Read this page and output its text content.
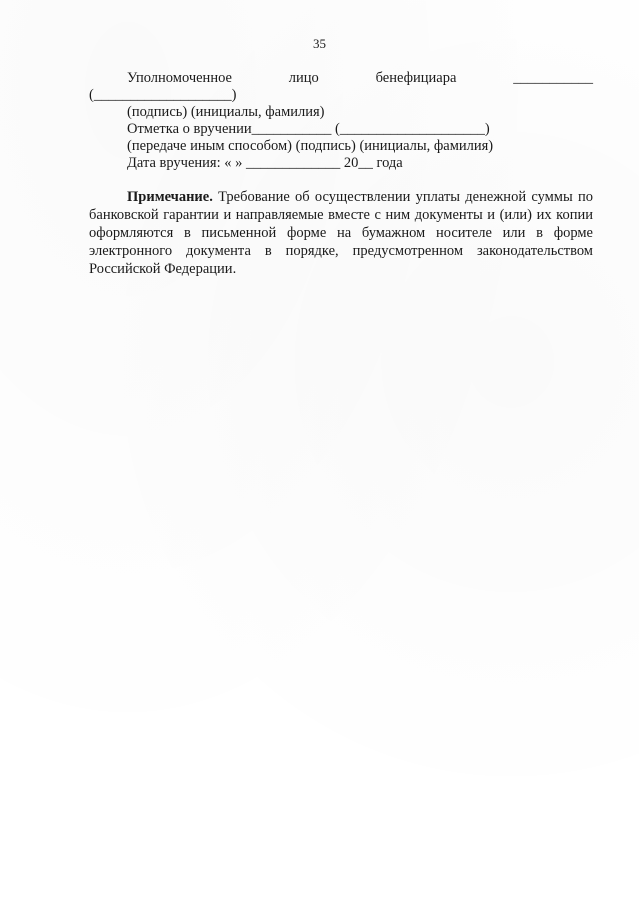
35
Уполномоченное	лицо	бенефициара	___________
(___________________)
(подпись) (инициалы, фамилия)
Отметка о вручении___________ (____________________)
(передаче иным способом) (подпись) (инициалы, фамилия)
Дата вручения: « » _____________ 20__ года
Примечание. Требование об осуществлении уплаты денежной суммы по банковской гарантии и направляемые вместе с ним документы и (или) их копии оформляются в письменной форме на бумажном носителе или в форме электронного документа в порядке, предусмотренном законодательством Российской Федерации.
